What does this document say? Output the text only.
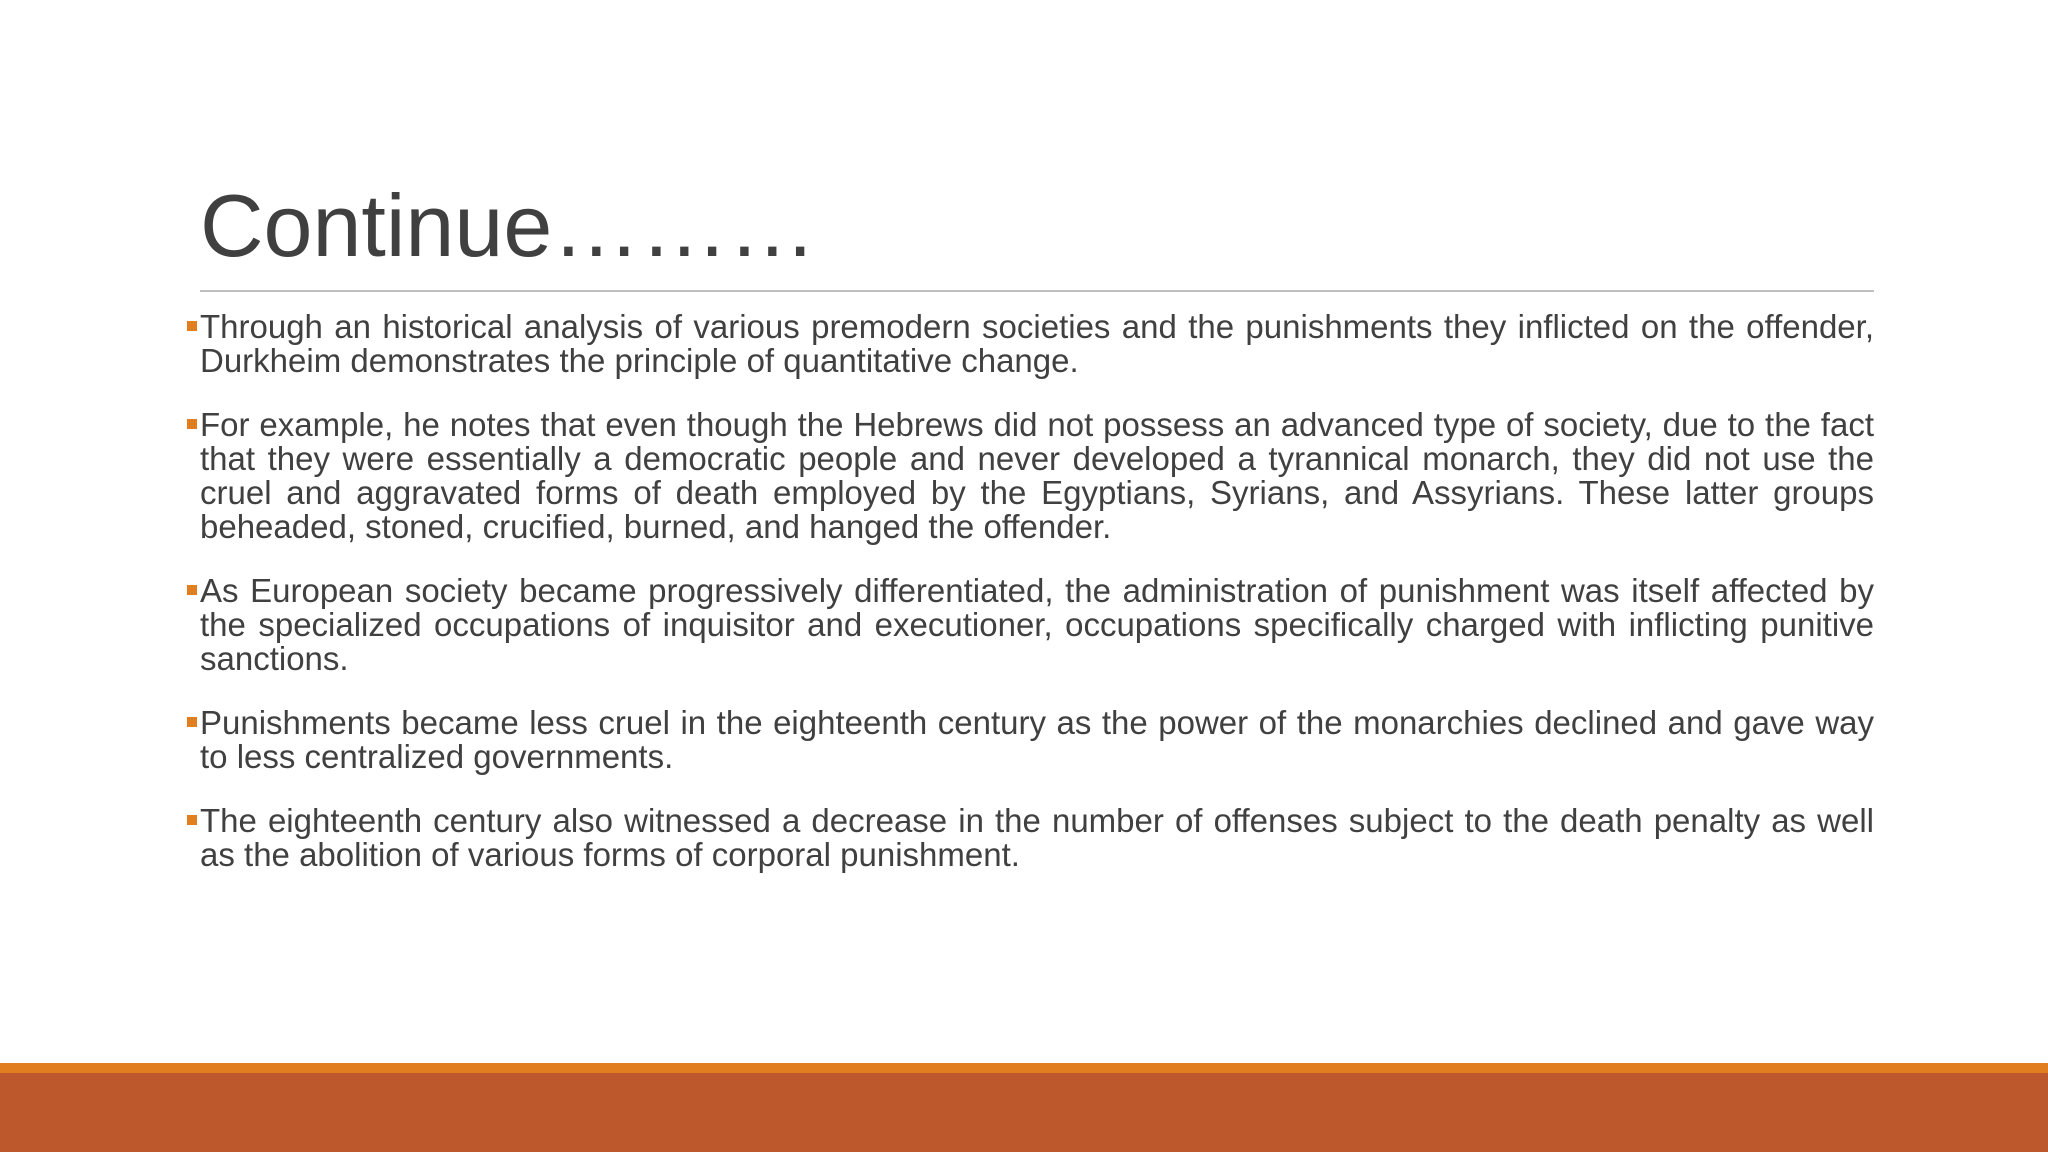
Continue………
Through an historical analysis of various premodern societies and the punishments they inflicted on the offender, Durkheim demonstrates the principle of quantitative change.
For example, he notes that even though the Hebrews did not possess an advanced type of society, due to the fact that they were essentially a democratic people and never developed a tyrannical monarch, they did not use the cruel and aggravated forms of death employed by the Egyptians, Syrians, and Assyrians. These latter groups beheaded, stoned, crucified, burned, and hanged the offender.
As European society became progressively differentiated, the administration of punishment was itself affected by the specialized occupations of inquisitor and executioner, occupations specifically charged with inflicting punitive sanctions.
Punishments became less cruel in the eighteenth century as the power of the monarchies declined and gave way to less centralized governments.
The eighteenth century also witnessed a decrease in the number of offenses subject to the death penalty as well as the abolition of various forms of corporal punishment.
